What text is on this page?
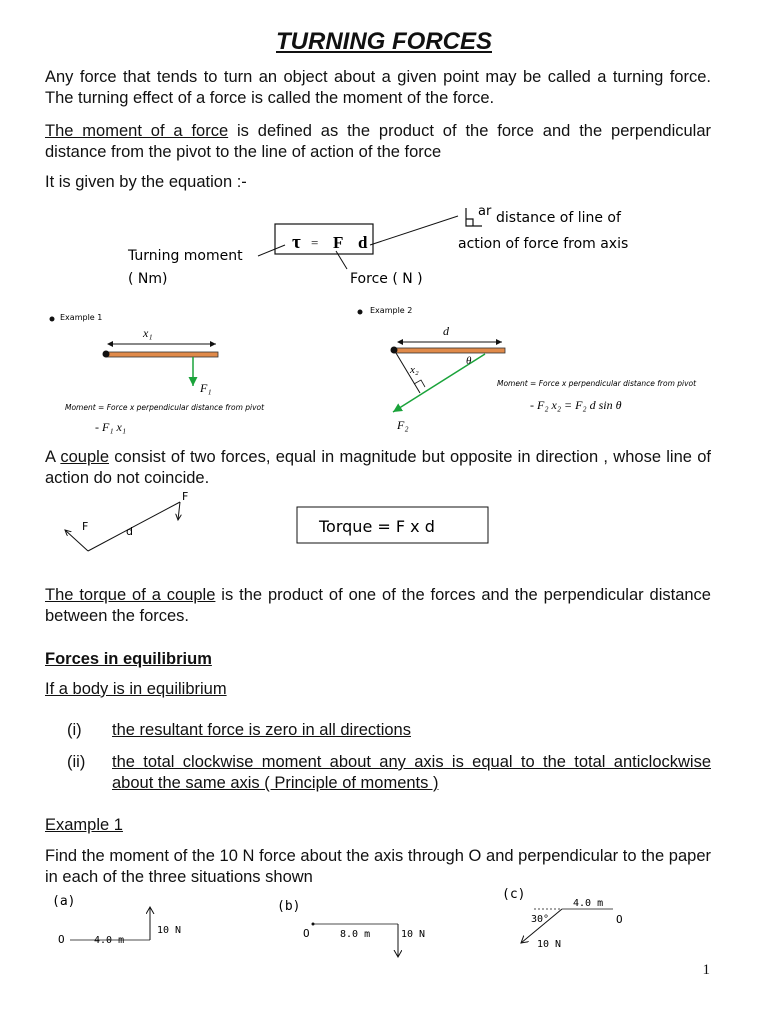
TURNING FORCES

Any force that tends to turn an object about a given point may be called a turning force. The turning effect of a force is called the moment of the force.

The moment of a force is defined as the product of the force and the perpendicular distance from the pivot to the line of action of the force

It is given by the equation :-

τ = F d
Turning moment
( Nm)	Force ( N )
ar distance of line of
action of force from axis
Example 1
x₁
F₁
Moment = Force x perpendicular distance from pivot
- F₁ x₁
Example 2
d
θ
x₂
F₂
Moment = Force x perpendicular distance from pivot
- F₂ x₂ = F₂ d sin θ

A couple consist of two forces, equal in magnitude but opposite in direction , whose line of action do not coincide.

F
F
d	Torque = F x d

The torque of a couple is the product of one of the forces and the perpendicular distance between the forces.

Forces in equilibrium

If a body is in equilibrium

(i) the resultant force is zero in all directions

(ii) the total clockwise moment about any axis is equal to the total anticlockwise about the same axis ( Principle of moments )

Example 1

Find the moment of the 10 N force about the axis through O and perpendicular to the paper in each of the three situations shown

(a)
O	4.0 m
10 N
(b)
O	8.0 m	10 N
(c)
4.0 m
30°	O
10 N
1
